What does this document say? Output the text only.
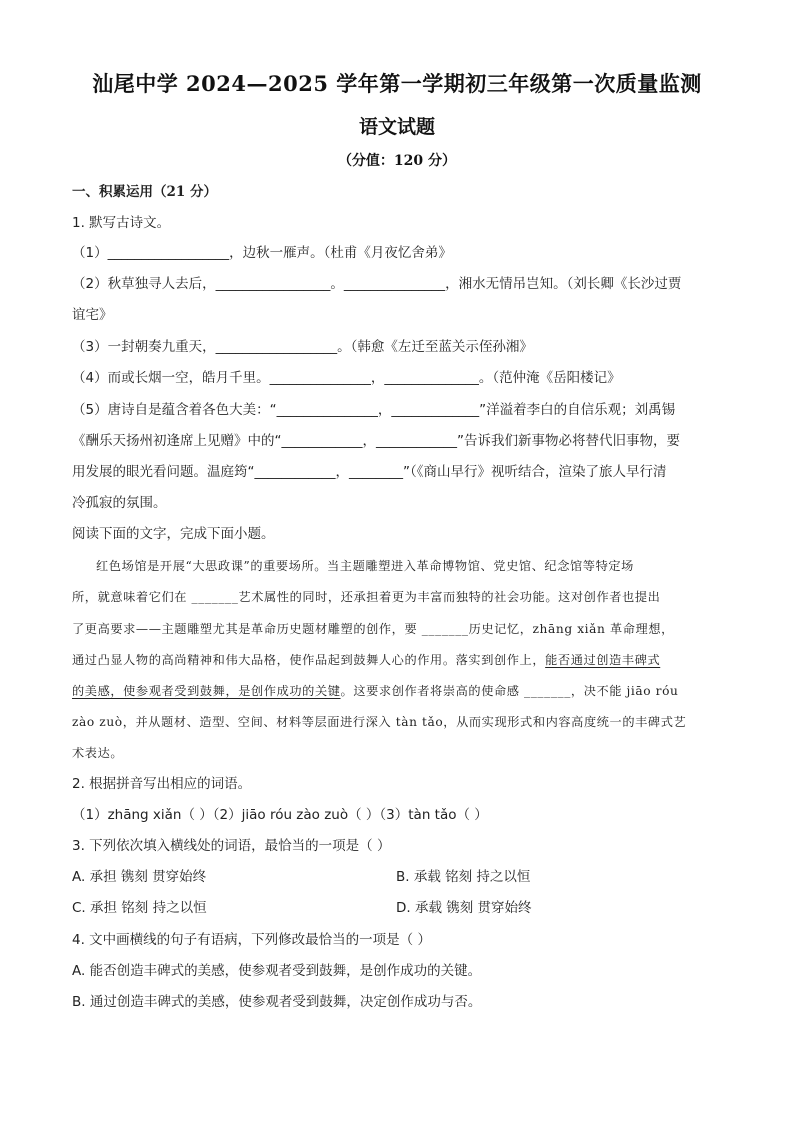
汕尾中学 2024—2025 学年第一学期初三年级第一次质量监测
语文试题
（分值：120 分）
一、积累运用（21 分）
1. 默写古诗文。
（1）__________________，边秋一雁声。（杜甫《月夜忆舍弟》
（2）秋草独寻人去后，_________________。_______________，湘水无情吊岂知。（刘长卿《长沙过贾
谊宅》
（3）一封朝奏九重天，__________________。（韩愈《左迁至蓝关示侄孙湘》
（4）而或长烟一空，皓月千里。_______________，______________。（范仲淹《岳阳楼记》
（5）唐诗自是蕴含着各色大美：“_______________，_____________”洋溢着李白的自信乐观；刘禹锡
《酬乐天扬州初逢席上见赠》中的“____________，____________”告诉我们新事物必将替代旧事物，要
用发展的眼光看问题。温庭筠“____________，________”（《商山早行》视听结合，渲染了旅人早行清
冷孤寂的氛围。
阅读下面的文字，完成下面小题。
红色场馆是开展“大思政课”的重要场所。当主题雕塑进入革命博物馆、党史馆、纪念馆等特定场
所，就意味着它们在 _______艺术属性的同时，还承担着更为丰富而独特的社会功能。这对创作者也提出
了更高要求——主题雕塑尤其是革命历史题材雕塑的创作，要 _______历史记忆，zhāng xiǎn 革命理想，
通过凸显人物的高尚精神和伟大品格，使作品起到鼓舞人心的作用。落实到创作上，能否通过创造丰碑式
的美感，使参观者受到鼓舞，是创作成功的关键。这要求创作者将崇高的使命感 _______，决不能 jiāo róu
zào zuò，并从题材、造型、空间、材料等层面进行深入 tàn tǎo，从而实现形式和内容高度统一的丰碑式艺
术表达。
2. 根据拼音写出相应的词语。
（1）zhāng xiǎn（ ）（2）jiāo róu zào zuò（ ）（3）tàn tǎo（ ）
3. 下列依次填入横线处的词语，最恰当的一项是（ ）
A. 承担 镌刻 贯穿始终	B. 承载 铭刻 持之以恒
C. 承担 铭刻 持之以恒	D. 承载 镌刻 贯穿始终
4. 文中画横线的句子有语病，下列修改最恰当的一项是（ ）
A. 能否创造丰碑式的美感，使参观者受到鼓舞，是创作成功的关键。
B. 通过创造丰碑式的美感，使参观者受到鼓舞，决定创作成功与否。
